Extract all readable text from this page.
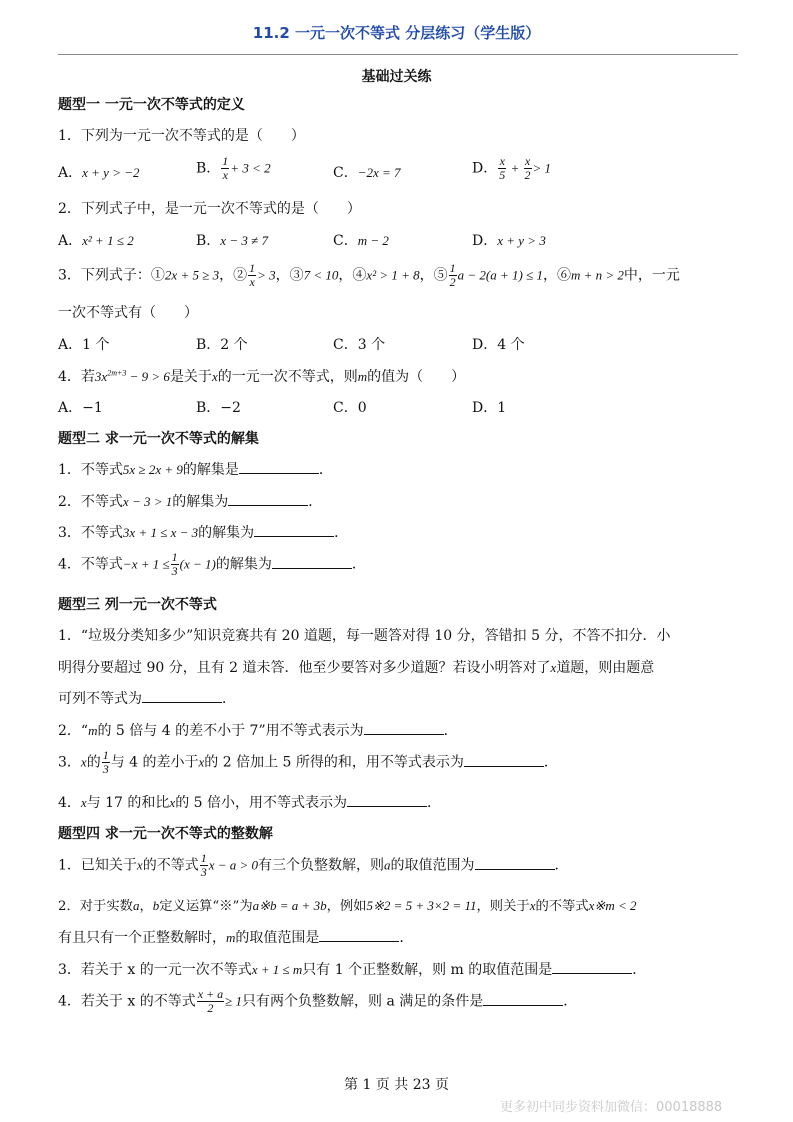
11.2 一元一次不等式 分层练习（学生版）
基础过关练
题型一 一元一次不等式的定义
1．下列为一元一次不等式的是（　　）
A．x + y > −2	B． $\frac{1}{x} + 3 < 2$	C．−2x = 7	D． $\frac{x}{5} + \frac{x}{2} > 1$
2．下列式子中，是一元一次不等式的是（　　）
A．x² + 1 ≤ 2	B．x − 3 ≠ 7	C．m − 2	D．x + y > 3
3．下列式子：①2x + 5 ≥ 3，② $\frac{1}{x} > 3$，③7 < 10，④x² > 1 + 8，⑤ $\frac{1}{2}$ a − 2(a + 1) ≤ 1，⑥m + n > 2中，一元
一次不等式有（　　）
A．1 个	B．2 个	C．3 个	D．4 个
4．若$3x^{2m+3} - 9 > 6$是关于x的一元一次不等式，则m的值为（　　）
A．−1	B．−2	C．0	D．1
题型二 求一元一次不等式的解集
1．不等式5x ≥ 2x + 9的解集是	．
2．不等式x − 3 > 1的解集为	．
3．不等式3x + 1 ≤ x − 3的解集为	．
4．不等式$-x + 1 \le \frac{1}{3} (x - 1)$的解集为	．
题型三 列一元一次不等式
1．“垃圾分类知多少”知识竞赛共有 20 道题，每一题答对得 10 分，答错扣 5 分，不答不扣分．小
明得分要超过 90 分，且有 2 道未答．他至少要答对多少道题？若设小明答对了x道题，则由题意
可列不等式为	．
2．“m的 5 倍与 4 的差不小于 7”用不等式表示为	．
3．x的 $\frac{1}{3}$ 与 4 的差小于x的 2 倍加上 5 所得的和，用不等式表示为	．
4．x与 17 的和比x的 5 倍小，用不等式表示为	．
题型四 求一元一次不等式的整数解
1．已知关于x的不等式 $\frac{1}{3}$ x − a > 0有三个负整数解，则a的取值范围为	．
2．对于实数a，b定义运算“※”为a※b = a + 3b，例如5※2 = 5 + 3×2 = 11，则关于x的不等式x※m < 2
有且只有一个正整数解时，m的取值范围是	．
3．若关于 x 的一元一次不等式x + 1 ≤ m只有 1 个正整数解，则 m 的取值范围是	．
4．若关于 x 的不等式 $\frac{x + a}{2} \ge 1$只有两个负整数解，则 a 满足的条件是	．
第 1 页 共 23 页
更多初中同步资料加微信：00018888
